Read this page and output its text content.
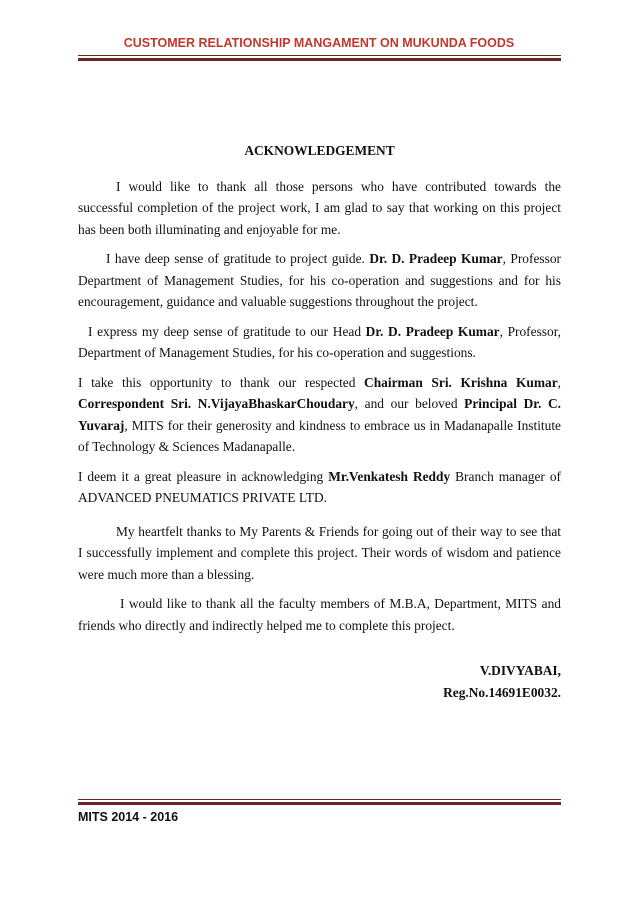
CUSTOMER RELATIONSHIP MANGAMENT ON MUKUNDA FOODS
ACKNOWLEDGEMENT

I would like to thank all those persons who have contributed towards the successful completion of the project work, I am glad to say that working on this project has been both illuminating and enjoyable for me.

I have deep sense of gratitude to project guide. Dr. D. Pradeep Kumar, Professor Department of Management Studies, for his co-operation and suggestions and for his encouragement, guidance and valuable suggestions throughout the project.

I express my deep sense of gratitude to our Head Dr. D. Pradeep Kumar, Professor, Department of Management Studies, for his co-operation and suggestions.

I take this opportunity to thank our respected Chairman Sri. Krishna Kumar, Correspondent Sri. N.VijayaBhaskarChoudary, and our beloved Principal Dr. C. Yuvaraj, MITS for their generosity and kindness to embrace us in Madanapalle Institute of Technology & Sciences Madanapalle.

I deem it a great pleasure in acknowledging Mr.Venkatesh Reddy Branch manager of ADVANCED PNEUMATICS PRIVATE LTD.

My heartfelt thanks to My Parents & Friends for going out of their way to see that I successfully implement and complete this project. Their words of wisdom and patience were much more than a blessing.

I would like to thank all the faculty members of M.B.A, Department, MITS and friends who directly and indirectly helped me to complete this project.

V.DIVYABAI,

Reg.No.14691E0032.

MITS 2014 - 2016
